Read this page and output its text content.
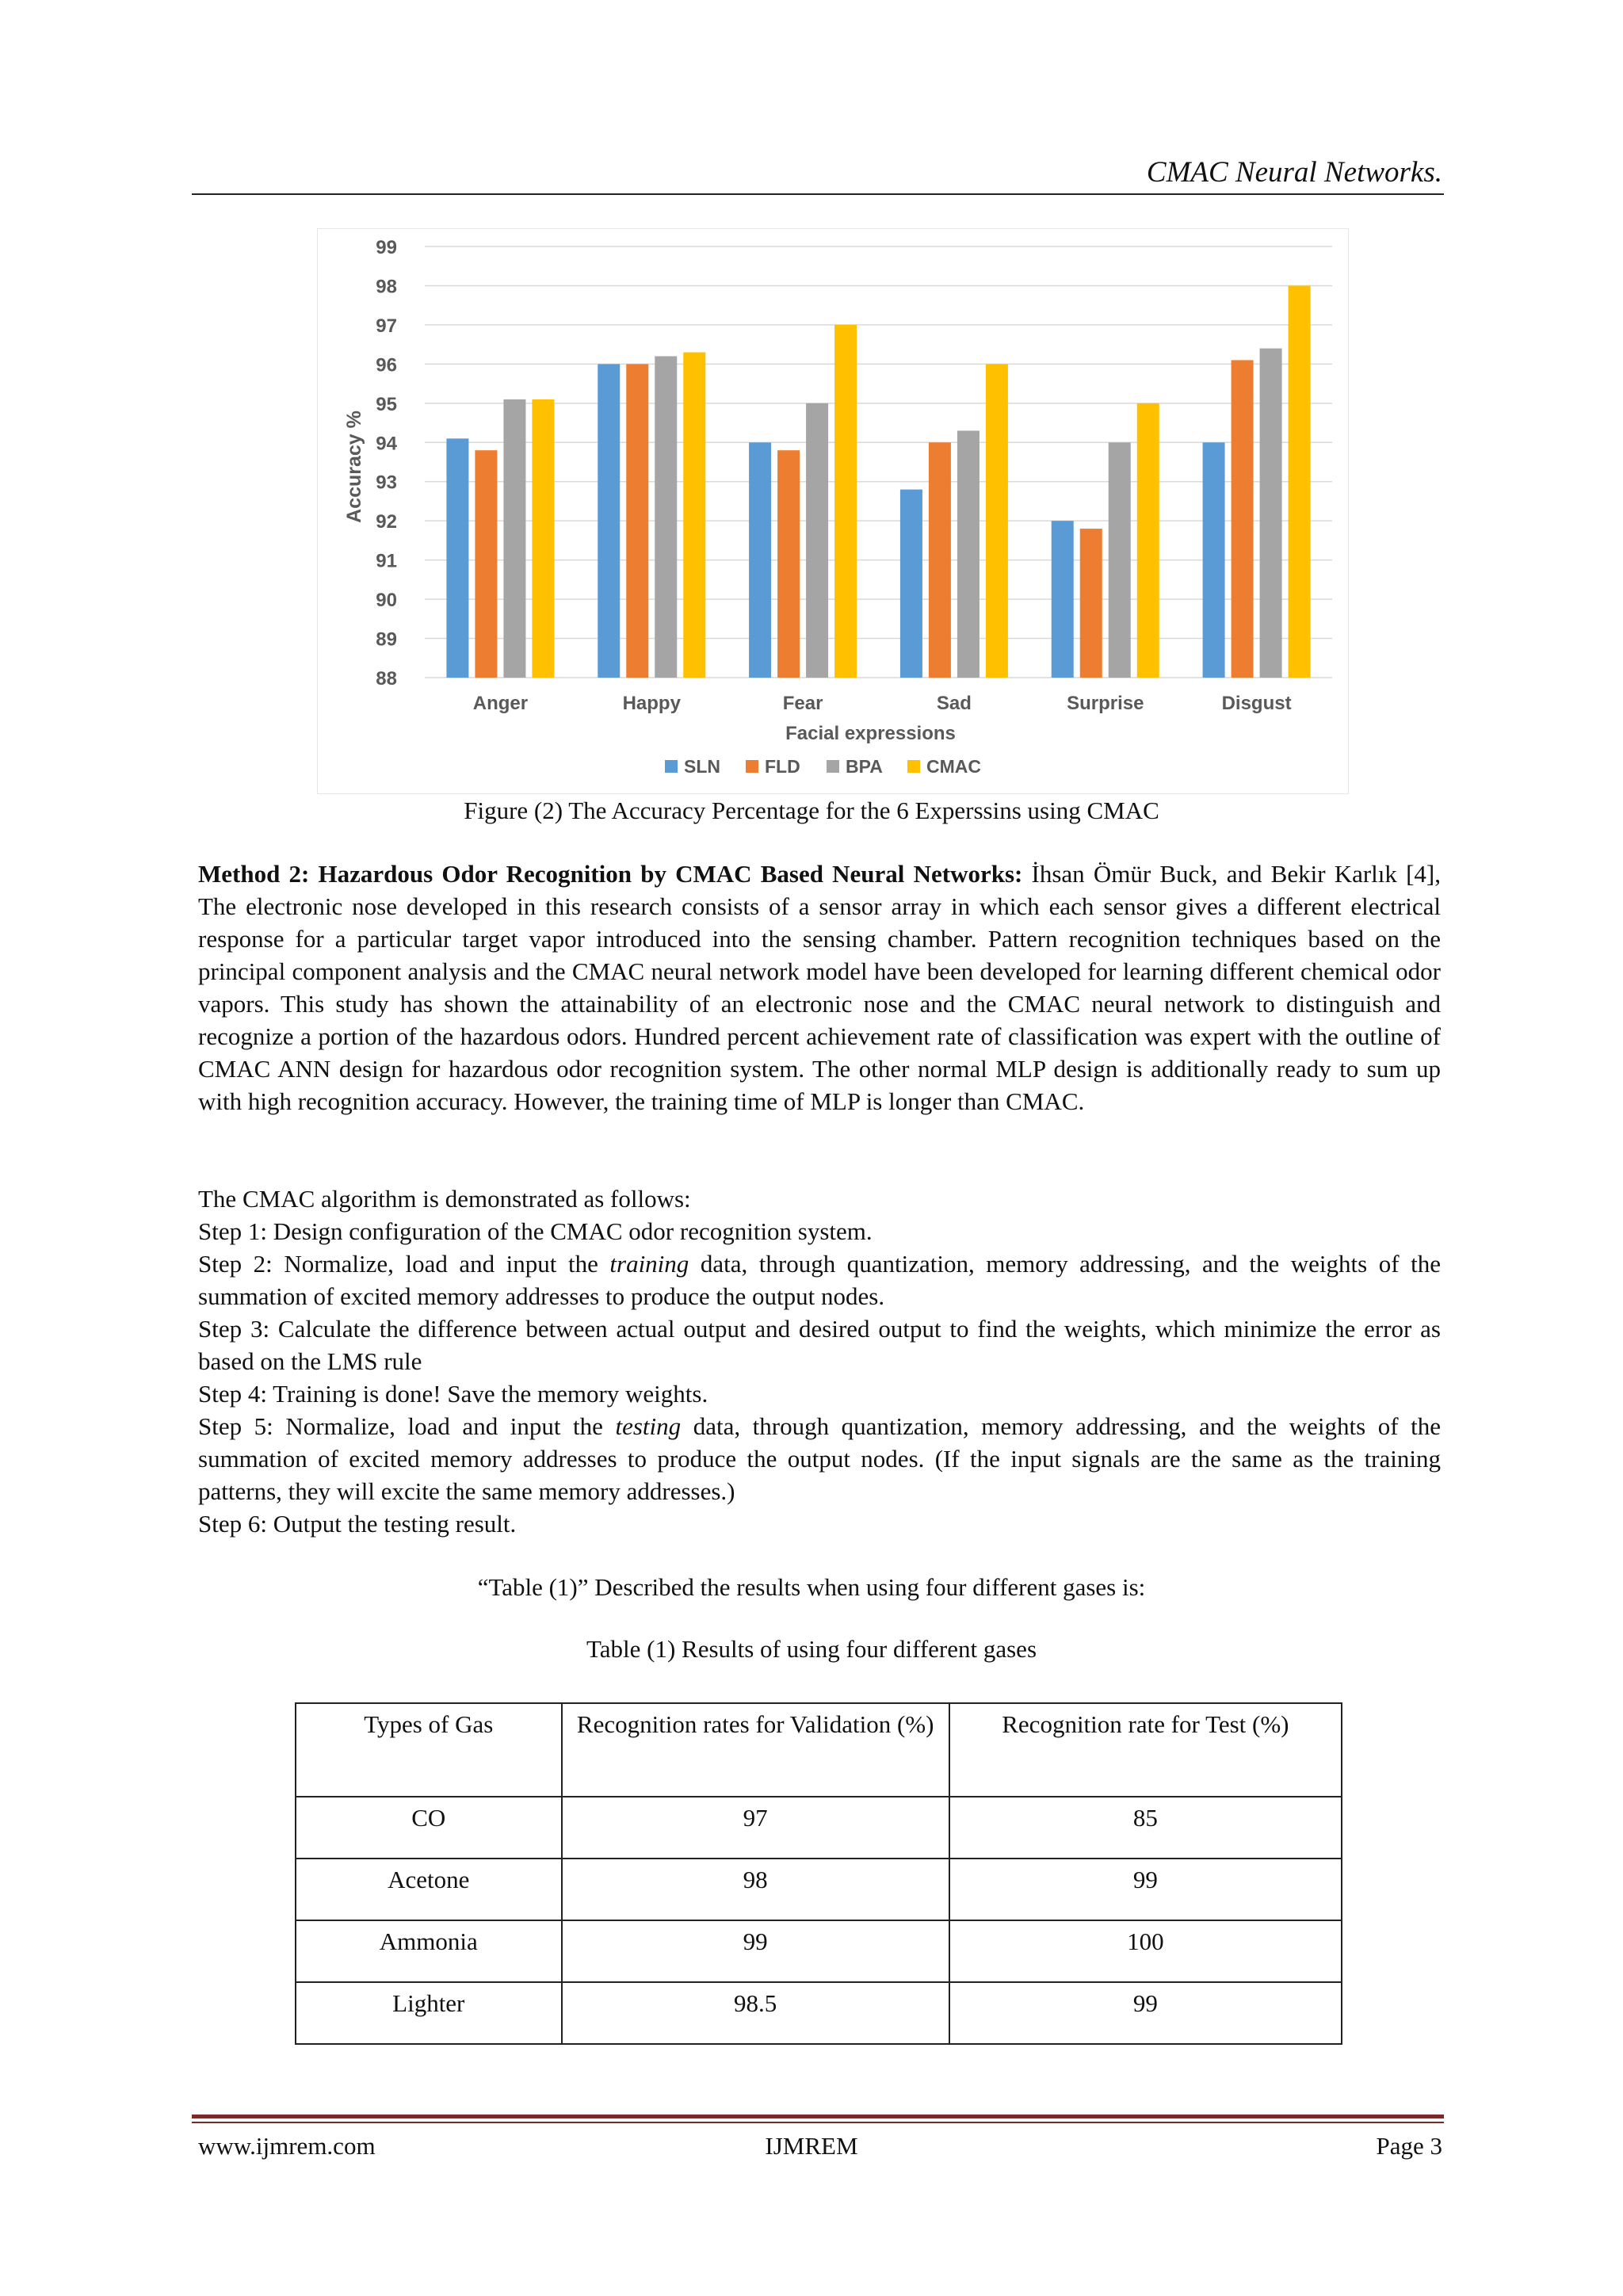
CMAC Neural Networks.
99
98
97
96
95
94
93
92
91
90
89
88
Accuracy %
Anger	Happy	Fear	Sad	Surprise	Disgust
Facial expressions
SLN FLD BPA CMAC
Figure (2) The Accuracy Percentage for the 6 Experssins using CMAC
Method 2: Hazardous Odor Recognition by CMAC Based Neural Networks: İhsan Ömür Buck, and Bekir Karlık [4], The electronic nose developed in this research consists of a sensor array in which each sensor gives a different electrical response for a particular target vapor introduced into the sensing chamber. Pattern recognition techniques based on the principal component analysis and the CMAC neural network model have been developed for learning different chemical odor vapors. This study has shown the attainability of an electronic nose and the CMAC neural network to distinguish and recognize a portion of the hazardous odors. Hundred percent achievement rate of classification was expert with the outline of CMAC ANN design for hazardous odor recognition system. The other normal MLP design is additionally ready to sum up with high recognition accuracy. However, the training time of MLP is longer than CMAC.

The CMAC algorithm is demonstrated as follows:

Step 1: Design configuration of the CMAC odor recognition system.

Step 2: Normalize, load and input the training data, through quantization, memory addressing, and the weights of the summation of excited memory addresses to produce the output nodes.

Step 3: Calculate the difference between actual output and desired output to find the weights, which minimize the error as based on the LMS rule

Step 4: Training is done! Save the memory weights.

Step 5: Normalize, load and input the testing data, through quantization, memory addressing, and the weights of the summation of excited memory addresses to produce the output nodes. (If the input signals are the same as the training patterns, they will excite the same memory addresses.)

Step 6: Output the testing result.

“Table (1)” Described the results when using four different gases is:
Table (1) Results of using four different gases
Types of Gas	Recognition rates for Validation (%)	Recognition rate for Test (%)
CO	97	85
Acetone	98	99
Ammonia	99	100
Lighter	98.5	99
www.ijmrem.com	IJMREM	Page 3
